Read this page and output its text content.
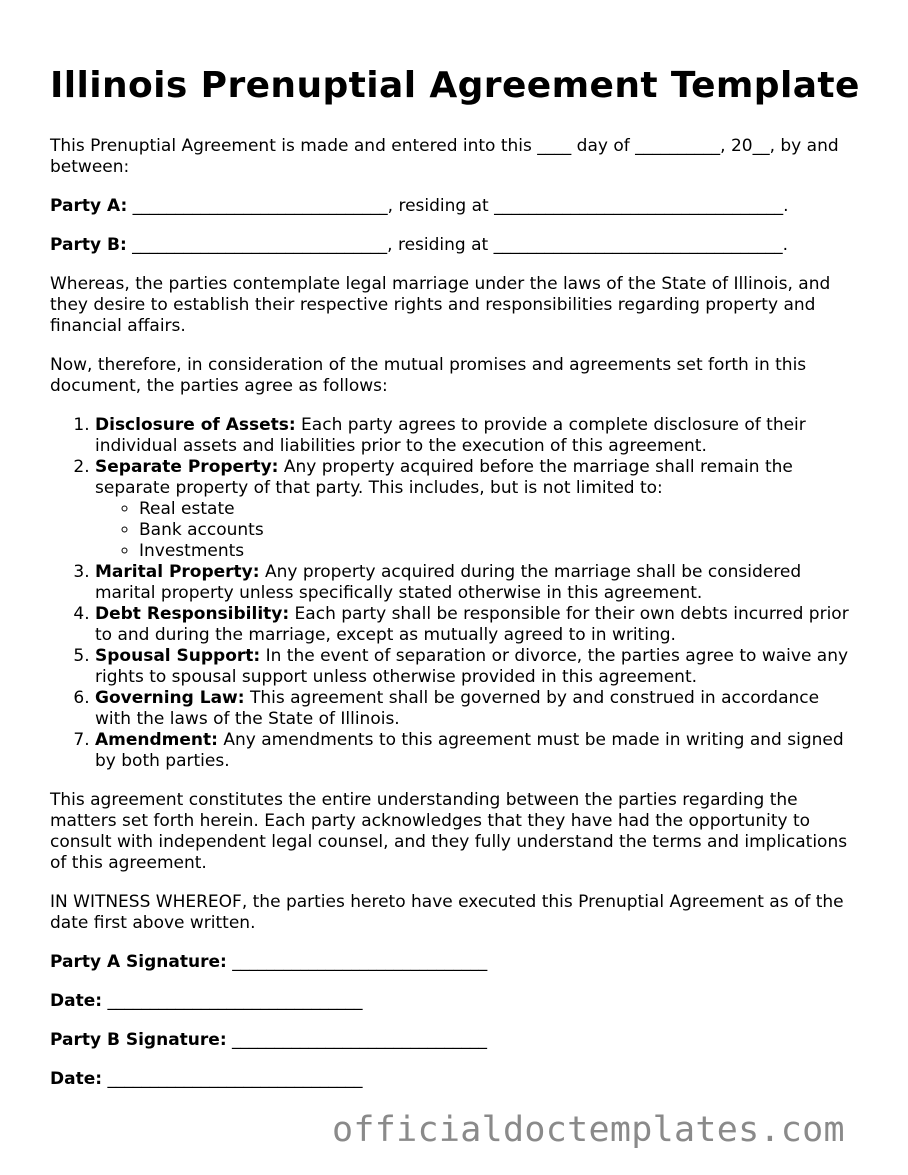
Illinois Prenuptial Agreement Template

This Prenuptial Agreement is made and entered into this ____ day of __________, 20__, by and between:

Party A: ______________________________, residing at __________________________________.

Party B: ______________________________, residing at __________________________________.

Whereas, the parties contemplate legal marriage under the laws of the State of Illinois, and they desire to establish their respective rights and responsibilities regarding property and financial affairs.

Now, therefore, in consideration of the mutual promises and agreements set forth in this document, the parties agree as follows:

1. Disclosure of Assets: Each party agrees to provide a complete disclosure of their individual assets and liabilities prior to the execution of this agreement.
2. Separate Property: Any property acquired before the marriage shall remain the separate property of that party. This includes, but is not limited to:
◦ Real estate
◦ Bank accounts
◦ Investments
3. Marital Property: Any property acquired during the marriage shall be considered marital property unless specifically stated otherwise in this agreement.
4. Debt Responsibility: Each party shall be responsible for their own debts incurred prior to and during the marriage, except as mutually agreed to in writing.
5. Spousal Support: In the event of separation or divorce, the parties agree to waive any rights to spousal support unless otherwise provided in this agreement.
6. Governing Law: This agreement shall be governed by and construed in accordance with the laws of the State of Illinois.
7. Amendment: Any amendments to this agreement must be made in writing and signed by both parties.

This agreement constitutes the entire understanding between the parties regarding the matters set forth herein. Each party acknowledges that they have had the opportunity to consult with independent legal counsel, and they fully understand the terms and implications of this agreement.

IN WITNESS WHEREOF, the parties hereto have executed this Prenuptial Agreement as of the date first above written.

Party A Signature: ______________________________

Date: ______________________________

Party B Signature: ______________________________

Date: ______________________________

officialdoctemplates.com
